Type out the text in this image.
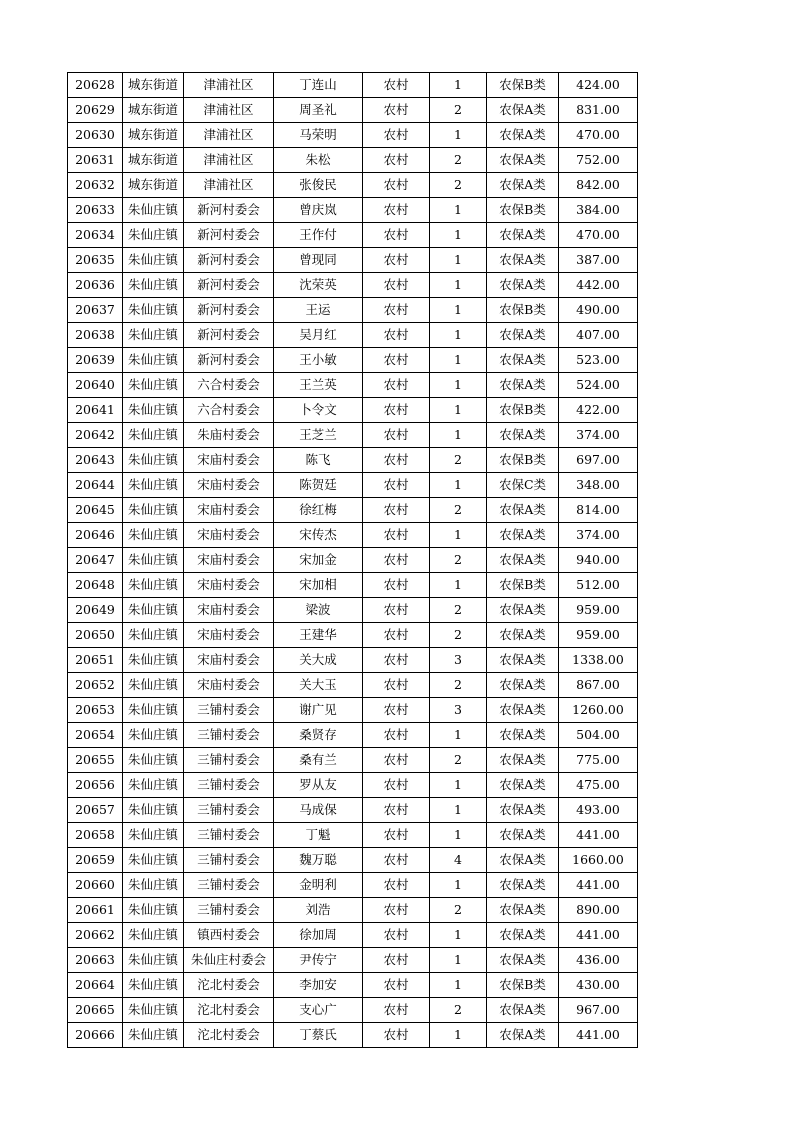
20628	城东街道	津浦社区	丁连山	农村	1	农保B类	424.00
20629	城东街道	津浦社区	周圣礼	农村	2	农保A类	831.00
20630	城东街道	津浦社区	马荣明	农村	1	农保A类	470.00
20631	城东街道	津浦社区	朱松	农村	2	农保A类	752.00
20632	城东街道	津浦社区	张俊民	农村	2	农保A类	842.00
20633	朱仙庄镇	新河村委会	曾庆岚	农村	1	农保B类	384.00
20634	朱仙庄镇	新河村委会	王作付	农村	1	农保A类	470.00
20635	朱仙庄镇	新河村委会	曾现同	农村	1	农保A类	387.00
20636	朱仙庄镇	新河村委会	沈荣英	农村	1	农保A类	442.00
20637	朱仙庄镇	新河村委会	王运	农村	1	农保B类	490.00
20638	朱仙庄镇	新河村委会	吴月红	农村	1	农保A类	407.00
20639	朱仙庄镇	新河村委会	王小敏	农村	1	农保A类	523.00
20640	朱仙庄镇	六合村委会	王兰英	农村	1	农保A类	524.00
20641	朱仙庄镇	六合村委会	卜令文	农村	1	农保B类	422.00
20642	朱仙庄镇	朱庙村委会	王芝兰	农村	1	农保A类	374.00
20643	朱仙庄镇	宋庙村委会	陈飞	农村	2	农保B类	697.00
20644	朱仙庄镇	宋庙村委会	陈贺廷	农村	1	农保C类	348.00
20645	朱仙庄镇	宋庙村委会	徐红梅	农村	2	农保A类	814.00
20646	朱仙庄镇	宋庙村委会	宋传杰	农村	1	农保A类	374.00
20647	朱仙庄镇	宋庙村委会	宋加金	农村	2	农保A类	940.00
20648	朱仙庄镇	宋庙村委会	宋加相	农村	1	农保B类	512.00
20649	朱仙庄镇	宋庙村委会	梁波	农村	2	农保A类	959.00
20650	朱仙庄镇	宋庙村委会	王建华	农村	2	农保A类	959.00
20651	朱仙庄镇	宋庙村委会	关大成	农村	3	农保A类	1338.00
20652	朱仙庄镇	宋庙村委会	关大玉	农村	2	农保A类	867.00
20653	朱仙庄镇	三铺村委会	谢广见	农村	3	农保A类	1260.00
20654	朱仙庄镇	三铺村委会	桑贤存	农村	1	农保A类	504.00
20655	朱仙庄镇	三铺村委会	桑有兰	农村	2	农保A类	775.00
20656	朱仙庄镇	三铺村委会	罗从友	农村	1	农保A类	475.00
20657	朱仙庄镇	三铺村委会	马成保	农村	1	农保A类	493.00
20658	朱仙庄镇	三铺村委会	丁魁	农村	1	农保A类	441.00
20659	朱仙庄镇	三铺村委会	魏万聪	农村	4	农保A类	1660.00
20660	朱仙庄镇	三铺村委会	金明利	农村	1	农保A类	441.00
20661	朱仙庄镇	三铺村委会	刘浩	农村	2	农保A类	890.00
20662	朱仙庄镇	镇西村委会	徐加周	农村	1	农保A类	441.00
20663	朱仙庄镇	朱仙庄村委会	尹传宁	农村	1	农保A类	436.00
20664	朱仙庄镇	沱北村委会	李加安	农村	1	农保B类	430.00
20665	朱仙庄镇	沱北村委会	支心广	农村	2	农保A类	967.00
20666	朱仙庄镇	沱北村委会	丁蔡氏	农村	1	农保A类	441.00
